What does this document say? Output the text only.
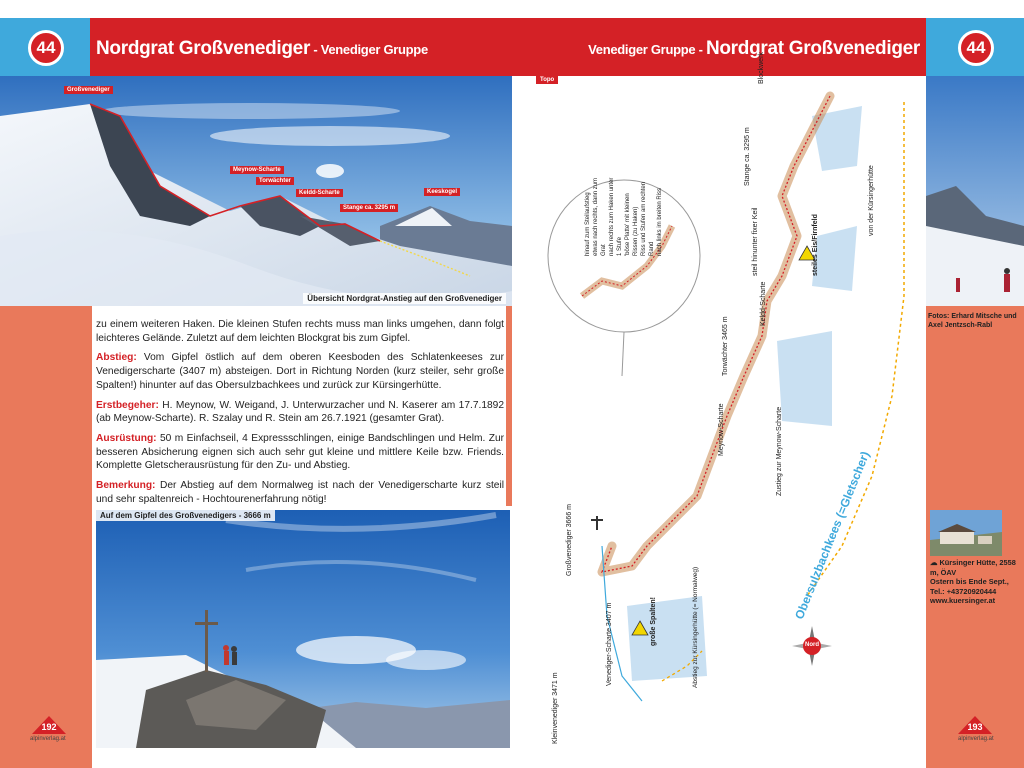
44	Nordgrat Großvenediger - Venediger Gruppe
Großvenediger
Meynow-Scharte
Torwächter
Keldd-Scharte
Stange ca. 3295 m
Keeskogel
Übersicht Nordgrat-Anstieg auf den Großvenediger

zu einem weiteren Haken. Die kleinen Stufen rechts muss man links umgehen, dann folgt leichteres Gelände. Zuletzt auf dem leichten Blockgrat bis zum Gipfel.

Abstieg: Vom Gipfel östlich auf dem oberen Keesboden des Schlatenkeeses zur Venedigerscharte (3407 m) absteigen. Dort in Richtung Norden (kurz steiler, sehr große Spalten!) hinunter auf das Obersulzbachkees und zurück zur Kürsingerhütte.

Erstbegeher: H. Meynow, W. Weigand, J. Unterwurzacher und N. Kaserer am 17.7.1892 (ab Meynow-Scharte). R. Szalay und R. Stein am 26.7.1921 (gesamter Grat).

Ausrüstung: 50 m Einfachseil, 4 Expressschlingen, einige Bandschlingen und Helm. Zur besseren Absicherung eignen sich auch sehr gut kleine und mittlere Keile bzw. Friends. Komplette Gletscherausrüstung für den Zu- und Abstieg.

Bemerkung: Der Abstieg auf dem Normalweg ist nach der Venedigerscharte kurz steil und sehr spaltenreich - Hochtourenerfahrung nötig!

Auf dem Gipfel des Großvenedigers - 3666 m
192
alpinverlag.at
44
Venediger Gruppe - Nordgrat Großvenediger
Topo	Blockwerk
Stange ca. 3295 m
steil hinunter fixer Keil	steiles Eis/Firnfeld
von der Kürsingerhütte
Keldd-Scharte
Torwächter 3465 m
Meynow-Scharte	Zustieg zur Meynow-Scharte Obersulzbachkees (=Gletscher)
Großvenediger 3666 m
Venediger-Scharte 3407 m
Kleinvenediger 3471 m
große Spalten!	Abstieg zur Kürsingerhütte (= Normalweg)
hinauf zum Steilaufstieg etwas nach rechts, dann zum Grat nach rechts zum Haken unter 1 Stufe 'böse Platte' mit kleinen Rissen (zu Haken) Riss und Stufen am rechten Rand nach links im breiten Riss
Nord
Fotos: Erhard Mitsche und Axel Jentzsch-Rabl
☁ Kürsinger Hütte, 2558 m, ÖAV
Ostern bis Ende Sept.,
Tel.: +43720920444
www.kuersinger.at
193
alpinverlag.at
